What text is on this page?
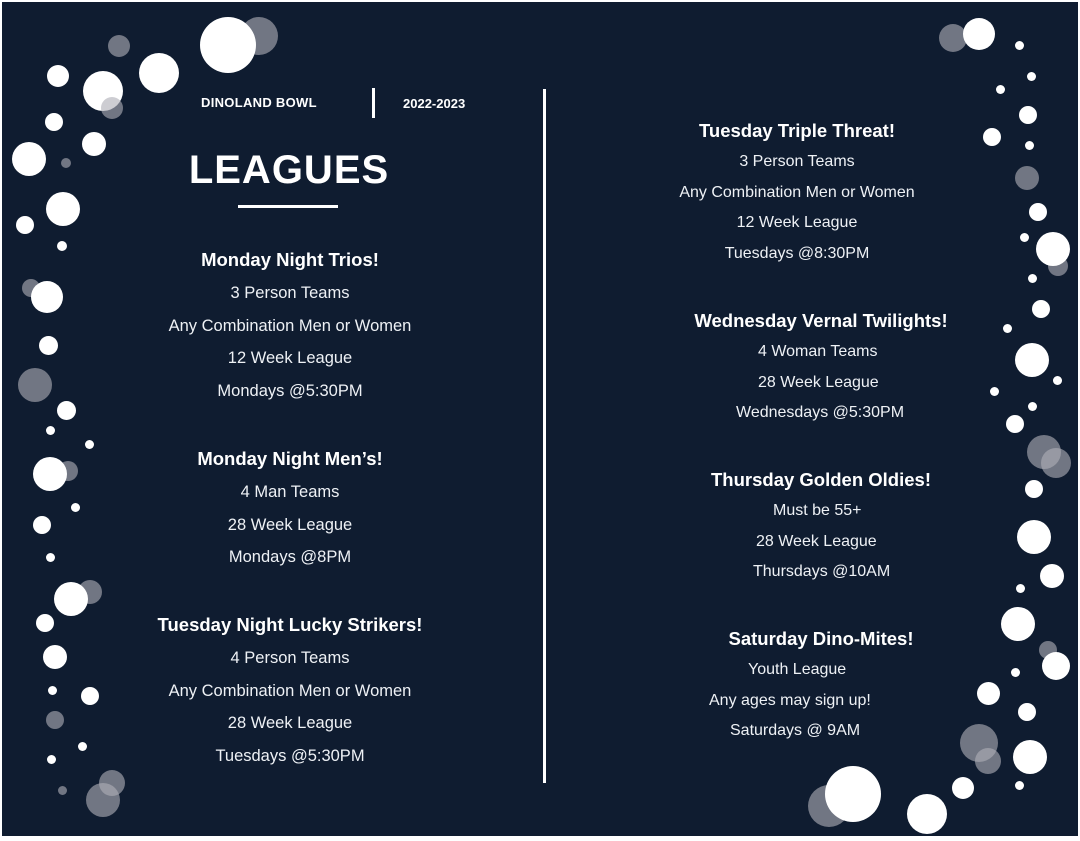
DINOLAND BOWL	2022-2023
LEAGUES
Monday Night Trios!
3 Person Teams
Any Combination Men or Women
12 Week League
Mondays @5:30PM
Monday Night Men’s!
4 Man Teams
28 Week League
Mondays @8PM
Tuesday Night Lucky Strikers!
4 Person Teams
Any Combination Men or Women
28 Week League
Tuesdays @5:30PM
Tuesday Triple Threat!
3 Person Teams
Any Combination Men or Women
12 Week League
Tuesdays @8:30PM
Wednesday Vernal Twilights!
4 Woman Teams
28 Week League
Wednesdays @5:30PM
Thursday Golden Oldies!
Must be 55+
28 Week League
Thursdays @10AM
Saturday Dino-Mites!
Youth League
Any ages may sign up!
Saturdays @ 9AM
